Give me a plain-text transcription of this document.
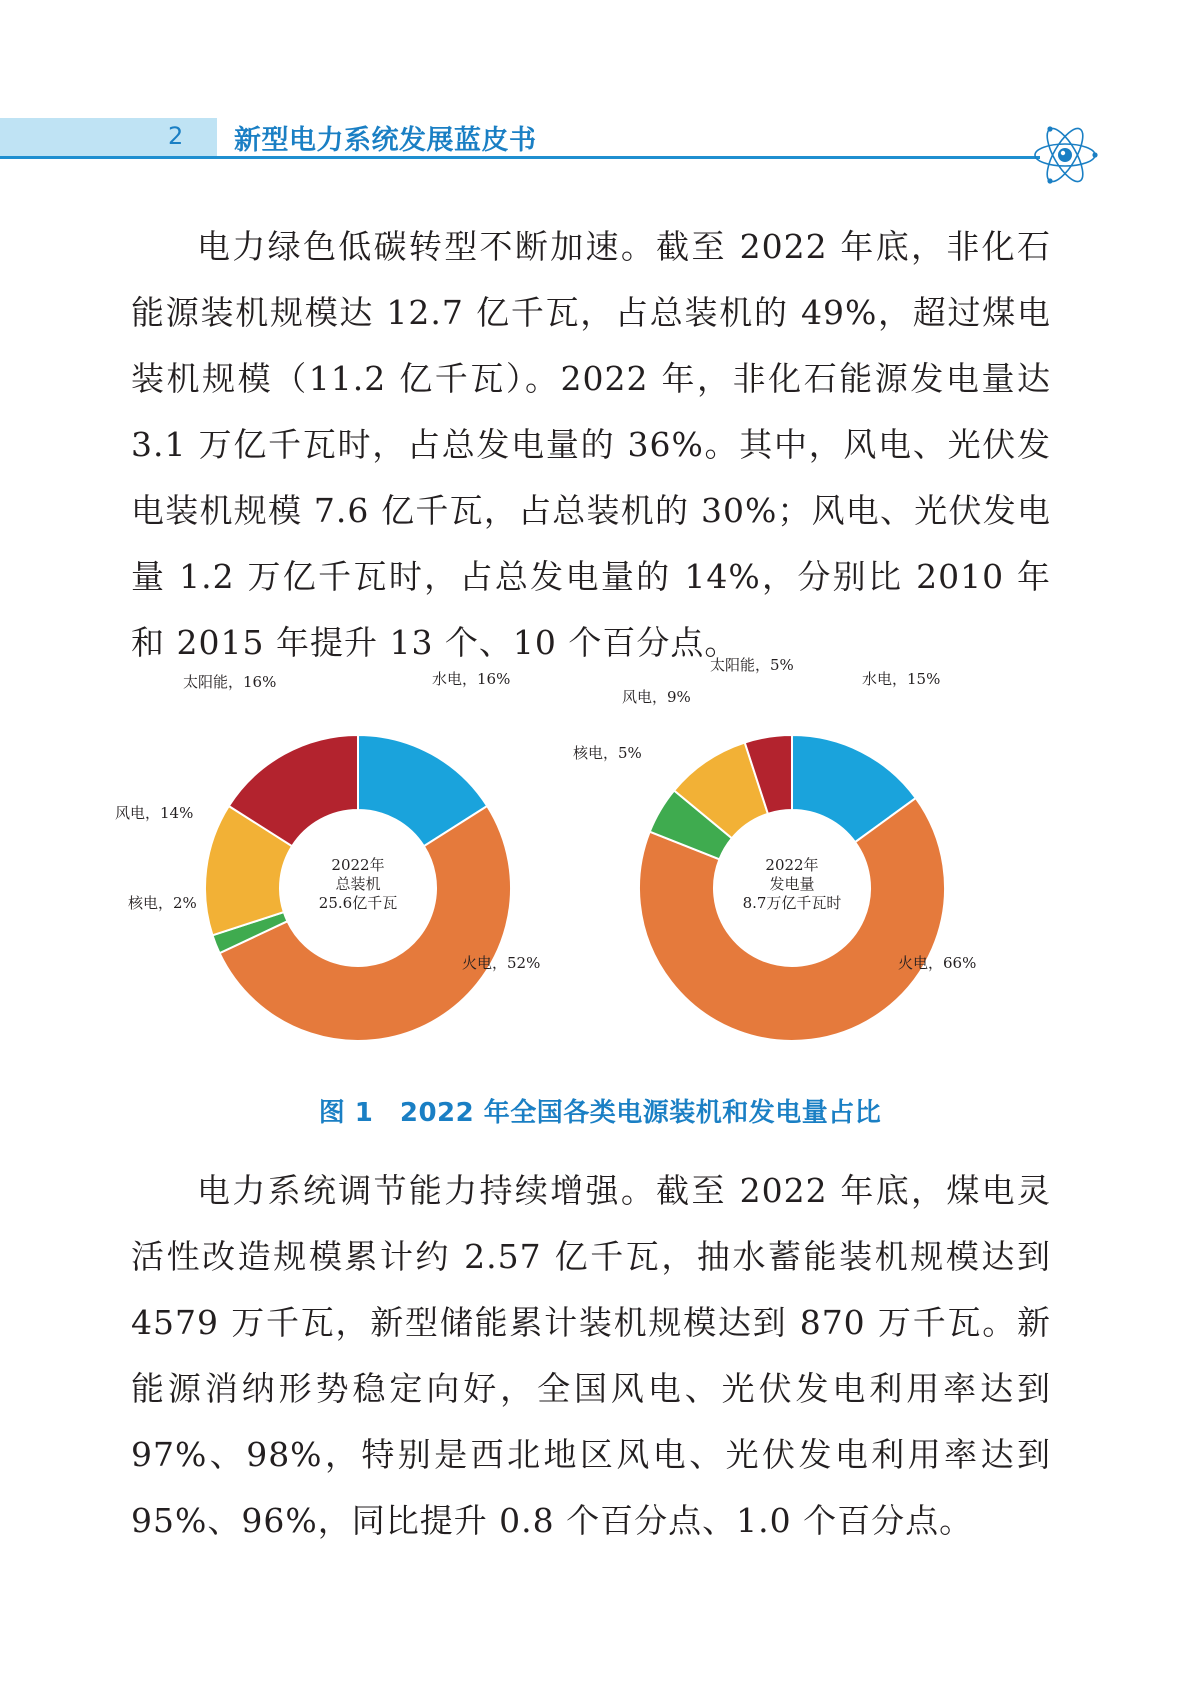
2	新型电力系统发展蓝皮书
电力绿色低碳转型不断加速。截至 2022 年底，非化石能源装机规模达 12.7 亿千瓦，占总装机的 49%，超过煤电装机规模（11.2 亿千瓦）。2022 年，非化石能源发电量达 3.1 万亿千瓦时，占总发电量的 36%。其中，风电、光伏发电装机规模 7.6 亿千瓦，占总装机的 30%；风电、光伏发电量 1.2 万亿千瓦时，占总发电量的 14%，分别比 2010 年和 2015 年提升 13 个、10 个百分点。
水电，16%
火电，52%
核电，2%
风电，14%
太阳能，16%
2022年
总装机
25.6亿千瓦
水电，15%
火电，66%
核电，5%
风电，9%
太阳能，5%
2022年
发电量
8.7万亿千瓦时
图 1　2022 年全国各类电源装机和发电量占比
电力系统调节能力持续增强。截至 2022 年底，煤电灵活性改造规模累计约 2.57 亿千瓦，抽水蓄能装机规模达到 4579 万千瓦，新型储能累计装机规模达到 870 万千瓦。新能源消纳形势稳定向好，全国风电、光伏发电利用率达到 97%、98%，特别是西北地区风电、光伏发电利用率达到 95%、96%，同比提升 0.8 个百分点、1.0 个百分点。
